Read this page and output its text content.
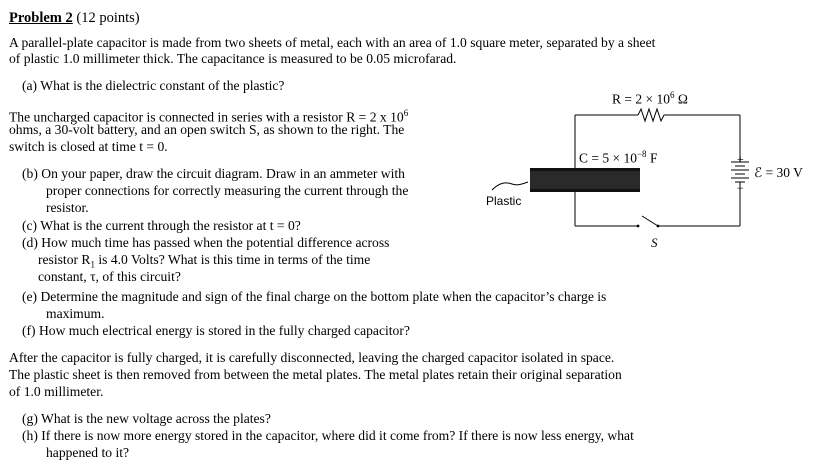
Problem 2 (12 points)
A parallel-plate capacitor is made from two sheets of metal, each with an area of 1.0 square meter, separated by a sheet
of plastic 1.0 millimeter thick. The capacitance is measured to be 0.05 microfarad.
(a) What is the dielectric constant of the plastic?
The uncharged capacitor is connected in series with a resistor R = 2 x $10^6$
ohms, a 30-volt battery, and an open switch S, as shown to the right. The
switch is closed at time t = 0.
(b) On your paper, draw the circuit diagram. Draw in an ammeter with
proper connections for correctly measuring the current through the
resistor.
(c) What is the current through the resistor at t = 0?
(d) How much time has passed when the potential difference across
resistor $R_1$ is 4.0 Volts? What is this time in terms of the time
constant, τ, of this circuit?
(e) Determine the magnitude and sign of the final charge on the bottom plate when the capacitor’s charge is
maximum.
(f) How much electrical energy is stored in the fully charged capacitor?
After the capacitor is fully charged, it is carefully disconnected, leaving the charged capacitor isolated in space.
The plastic sheet is then removed from between the metal plates. The metal plates retain their original separation
of 1.0 millimeter.
(g) What is the new voltage across the plates?
(h) If there is now more energy stored in the capacitor, where did it come from? If there is now less energy, what
happened to it?
$R = 2 \times 10^6$ Ω
$C = 5 \times 10^{-8}$ F	+
−
ℰ = 30 V
Plastic
S
